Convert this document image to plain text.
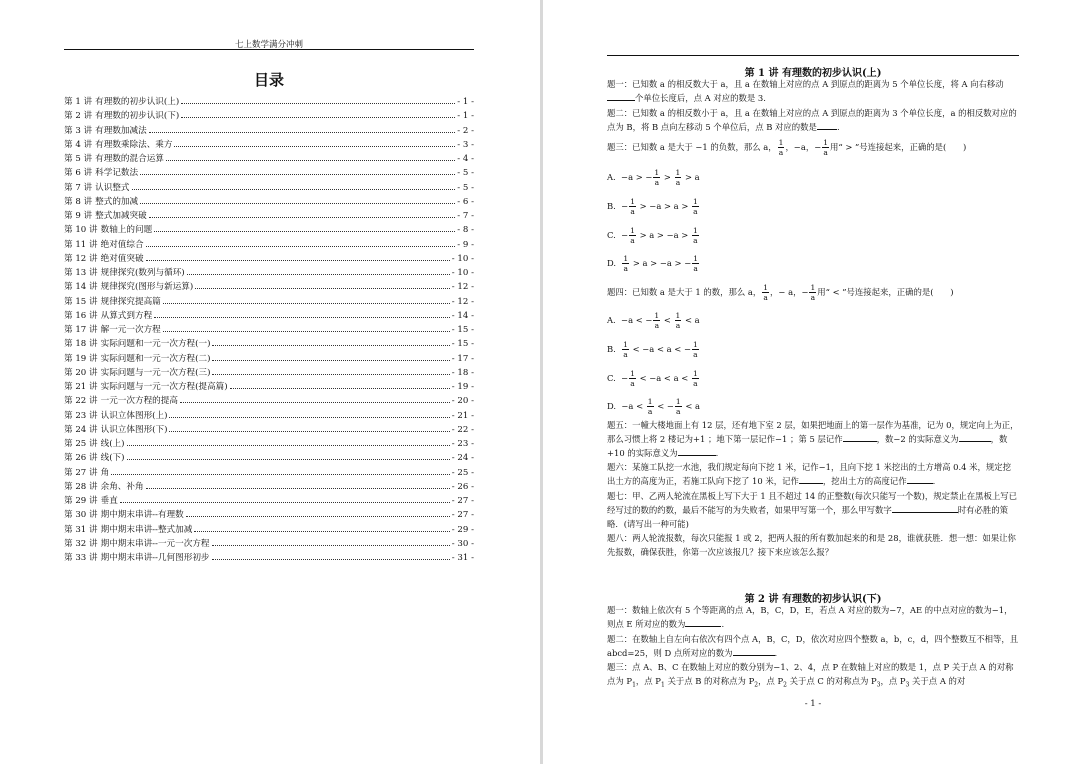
七上数学满分冲刺
目录
第 1 讲 有理数的初步认识(上)	- 1 -
第 2 讲 有理数的初步认识(下)	- 1 -
第 3 讲 有理数加减法	- 2 -
第 4 讲 有理数乘除法、乘方	- 3 -
第 5 讲 有理数的混合运算	- 4 -
第 6 讲 科学记数法	- 5 -
第 7 讲 认识整式	- 5 -
第 8 讲 整式的加减	- 6 -
第 9 讲 整式加减突破	- 7 -
第 10 讲 数轴上的问题	- 8 -
第 11 讲 绝对值综合	- 9 -
第 12 讲 绝对值突破	- 10 -
第 13 讲 规律探究(数列与循环)	- 10 -
第 14 讲 规律探究(图形与新运算)	- 12 -
第 15 讲 规律探究提高篇	- 12 -
第 16 讲 从算式到方程	- 14 -
第 17 讲 解一元一次方程	- 15 -
第 18 讲 实际问题和一元一次方程(一)	- 15 -
第 19 讲 实际问题和一元一次方程(二)	- 17 -
第 20 讲 实际问题与一元一次方程(三)	- 18 -
第 21 讲 实际问题与一元一次方程(提高篇)	- 19 -
第 22 讲 一元一次方程的提高	- 20 -
第 23 讲 认识立体图形(上)	- 21 -
第 24 讲 认识立体图形(下)	- 22 -
第 25 讲 线(上)	- 23 -
第 26 讲 线(下)	- 24 -
第 27 讲 角	- 25 -
第 28 讲 余角、补角	- 26 -
第 29 讲 垂直	- 27 -
第 30 讲 期中期末串讲--有理数	- 27 -
第 31 讲 期中期末串讲--整式加减	- 29 -
第 32 讲 期中期末串讲--一元一次方程	- 30 -
第 33 讲 期中期末串讲--几何图形初步	- 31 -
第 1 讲 有理数的初步认识(上)
题一：已知数 a 的相反数大于 a，且 a 在数轴上对应的点 A 到原点的距离为 5 个单位长度，将 A 向右移动个单位长度后，点 A 对应的数是 3.
题二：已知数 a 的相反数小于 a，且 a 在数轴上对应的点 A 到原点的距离为 3 个单位长度，a 的相反数对应的点为 B，将 B 点向左移动 5 个单位后，点 B 对应的数是 .
题三：已知数 a 是大于 −1 的负数，那么 a， $\frac{1}{a}$ ，−a，− $\frac{1}{a}$ 用“ > ”号连接起来，正确的是(　　)
A. −a > − $\frac{1}{a} > \frac{1}{a} > a$
B. − $\frac{1}{a} > -a > a > \frac{1}{a}$
C. − $\frac{1}{a} > a > -a > \frac{1}{a}$
D. $\frac{1}{a} > a > -a$ > − $\frac{1}{a}$
题四：已知数 a 是大于 1 的数，那么 a， $\frac{1}{a}$ ，− a，− $\frac{1}{a}$ 用“ < ”号连接起来，正确的是(　　)
A. −a < − $\frac{1}{a} < \frac{1}{a} < a$
B. $\frac{1}{a} < -a < a$ < − $\frac{1}{a}$
C. − $\frac{1}{a} < -a < a < \frac{1}{a}$
D. $-a < \frac{1}{a}$ < − $\frac{1}{a} < a$
题五：一幢大楼地面上有 12 层，还有地下室 2 层，如果把地面上的第一层作为基准，记为 0，规定向上为正，那么习惯上将 2 楼记为+1 ；地下第一层记作−1 ；第 5 层记作	，数−2 的实际意义为	，数+10 的实际意义为	.
题六：某施工队挖一水池，我们规定每向下挖 1 米，记作−1，且向下挖 1 米挖出的土方增高 0.4 米，规定挖出土方的高度为正，若施工队向下挖了 10 米，记作	，挖出土方的高度记作	.
题七：甲、乙两人轮流在黑板上写下大于 1 且不超过 14 的正整数(每次只能写一个数)，规定禁止在黑板上写已经写过的数的约数，最后不能写的为失败者，如果甲写第一个，那么甲写数字	时有必胜的策略．(请写出一种可能)
题八：两人轮流报数，每次只能报 1 或 2，把两人报的所有数加起来的和是 28，谁就获胜．想一想：如果让你先报数，确保获胜，你第一次应该报几？接下来应该怎么报？
第 2 讲 有理数的初步认识(下)
题一：数轴上依次有 5 个等距离的点 A，B，C，D，E，若点 A 对应的数为−7，AE 的中点对应的数为−1，则点 E 所对应的数为	.
题二：在数轴上自左向右依次有四个点 A，B，C，D，依次对应四个整数 a，b，c，d，四个整数互不相等，且 abcd=25，则 D 点所对应的数为	.
题三：点 A、B、C 在数轴上对应的数分别为−1、2、4，点 P 在数轴上对应的数是 1，点 P 关于点 A 的对称点为 $P_1$，点 $P_1$ 关于点 B 的对称点为 $P_2$，点 $P_2$ 关于点 C 的对称点为 $P_3$，点 $P_3$ 关于点 A 的对
- 1 -
